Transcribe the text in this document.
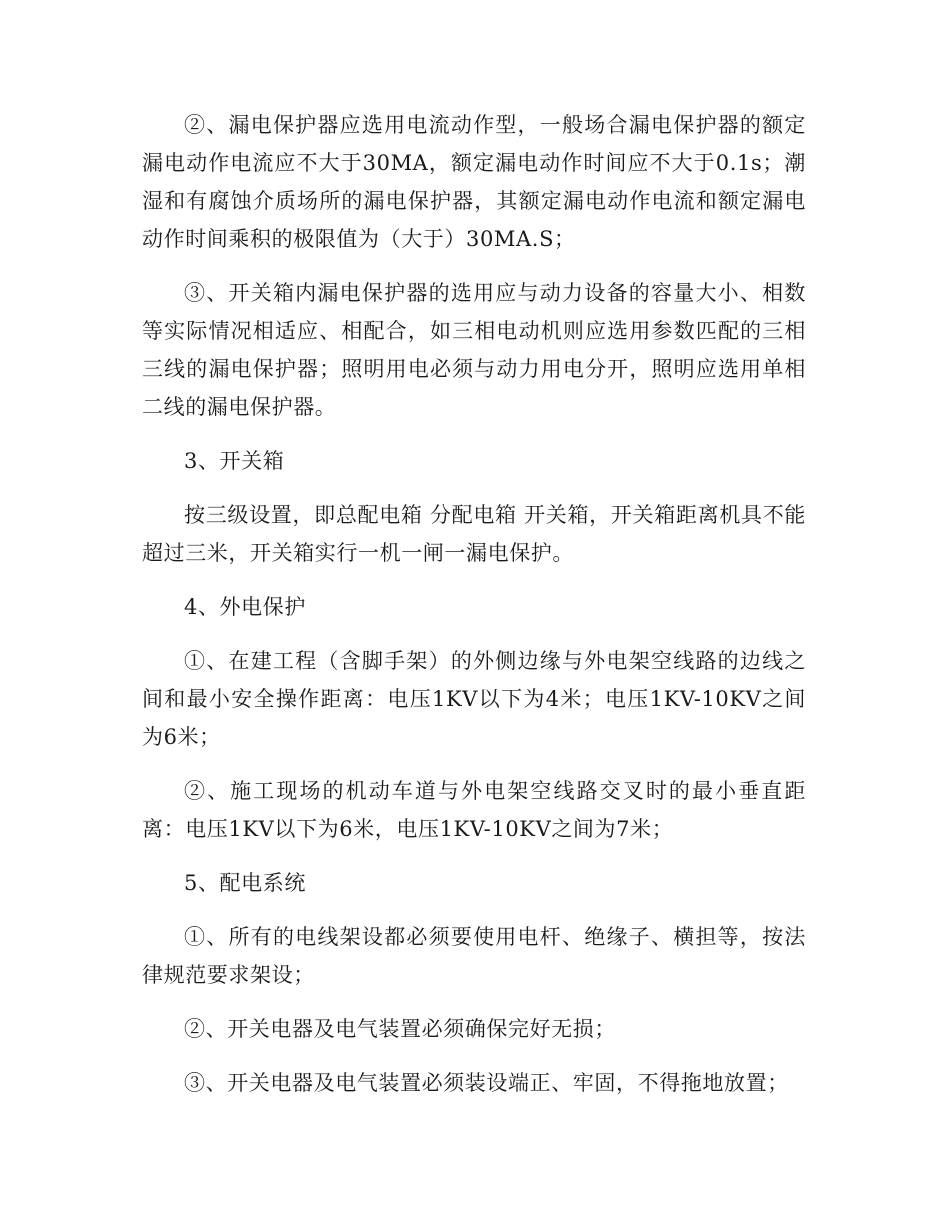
②、漏电保护器应选用电流动作型，一般场合漏电保护器的额定漏电动作电流应不大于30MA，额定漏电动作时间应不大于0.1s；潮湿和有腐蚀介质场所的漏电保护器，其额定漏电动作电流和额定漏电动作时间乘积的极限值为（大于）30MA.S；

③、开关箱内漏电保护器的选用应与动力设备的容量大小、相数等实际情况相适应、相配合，如三相电动机则应选用参数匹配的三相三线的漏电保护器；照明用电必须与动力用电分开，照明应选用单相二线的漏电保护器。

3、开关箱

按三级设置，即总配电箱 分配电箱 开关箱，开关箱距离机具不能超过三米，开关箱实行一机一闸一漏电保护。

4、外电保护

①、在建工程（含脚手架）的外侧边缘与外电架空线路的边线之间和最小安全操作距离：电压1KV以下为4米；电压1KV-10KV之间为6米；

②、施工现场的机动车道与外电架空线路交叉时的最小垂直距离：电压1KV以下为6米，电压1KV-10KV之间为7米；

5、配电系统

①、所有的电线架设都必须要使用电杆、绝缘子、横担等，按法律规范要求架设；

②、开关电器及电气装置必须确保完好无损；

③、开关电器及电气装置必须装设端正、牢固，不得拖地放置；
